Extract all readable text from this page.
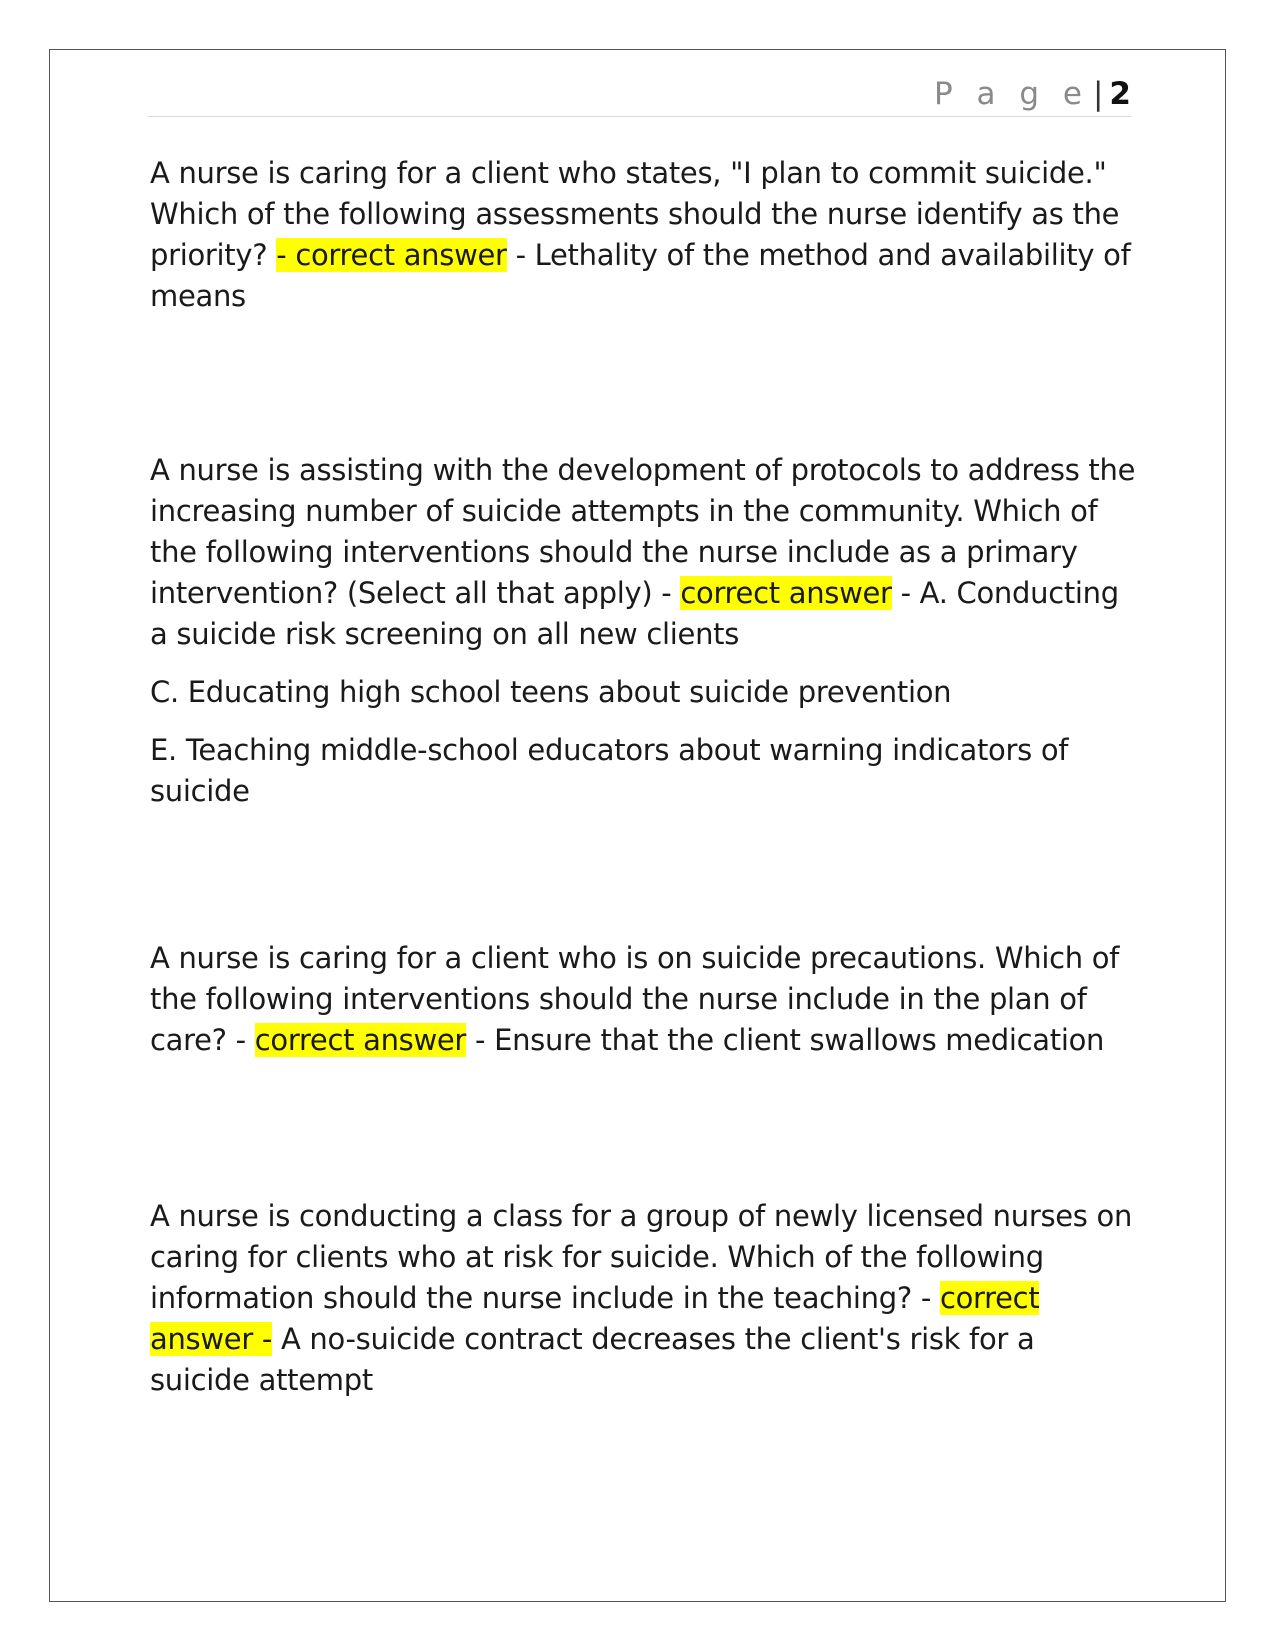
P a g e | 2

A nurse is caring for a client who states, "I plan to commit suicide." Which of the following assessments should the nurse identify as the priority? - correct answer - Lethality of the method and availability of means

A nurse is assisting with the development of protocols to address the increasing number of suicide attempts in the community. Which of the following interventions should the nurse include as a primary intervention? (Select all that apply) - correct answer - A. Conducting a suicide risk screening on all new clients

C. Educating high school teens about suicide prevention

E. Teaching middle-school educators about warning indicators of suicide

A nurse is caring for a client who is on suicide precautions. Which of the following interventions should the nurse include in the plan of care? - correct answer - Ensure that the client swallows medication

A nurse is conducting a class for a group of newly licensed nurses on caring for clients who at risk for suicide. Which of the following information should the nurse include in the teaching? - correct answer - A no-suicide contract decreases the client's risk for a suicide attempt
